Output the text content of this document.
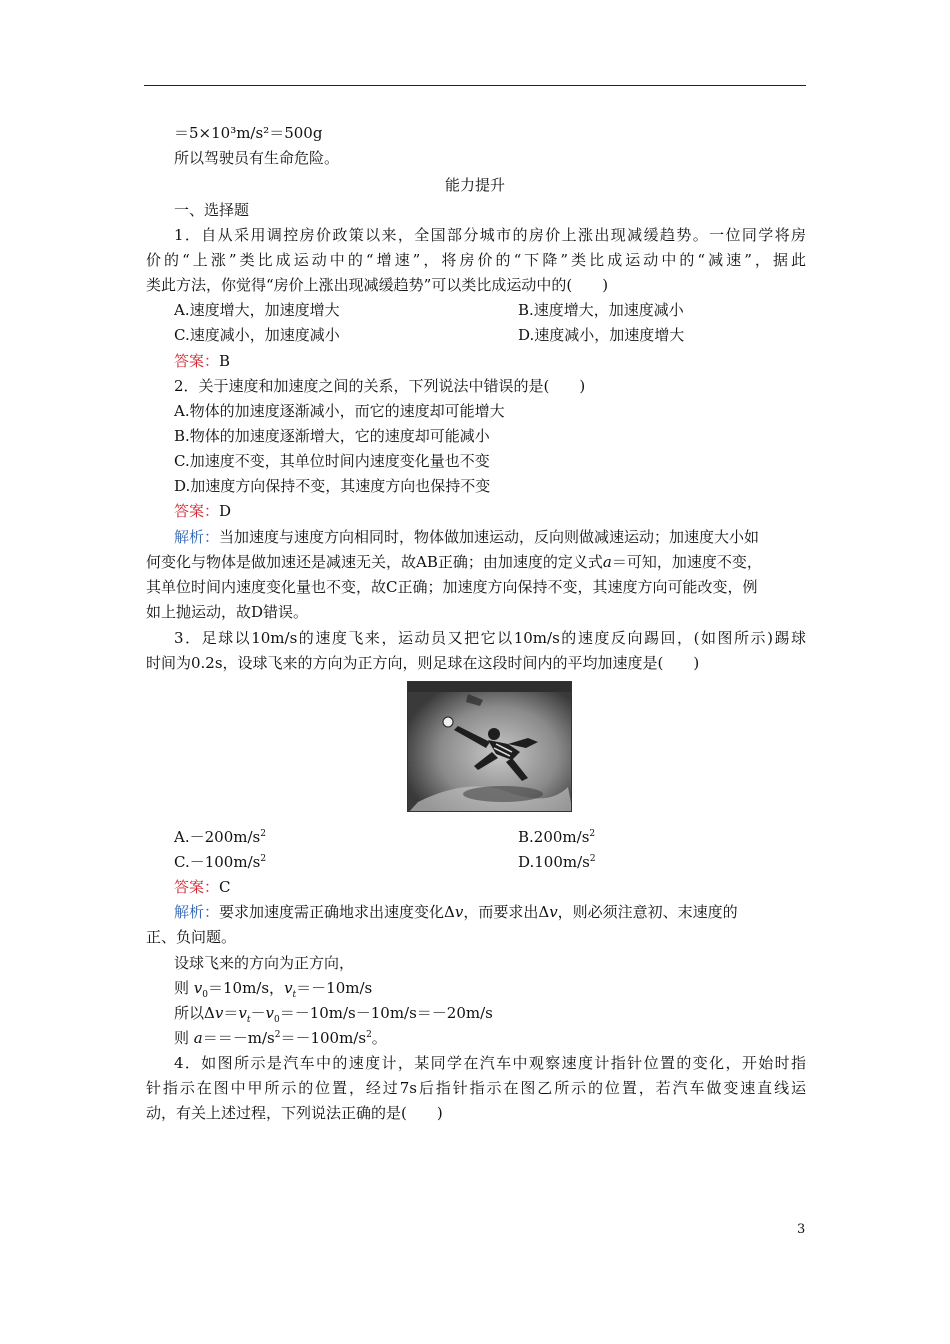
＝5×10³m/s²＝500g
所以驾驶员有生命危险。
能力提升
一、选择题
1．自从采用调控房价政策以来，全国部分城市的房价上涨出现减缓趋势。一位同学将房
价的“上涨”类比成运动中的“增速”，将房价的“下降”类比成运动中的“减速”，据此
类此方法，你觉得“房价上涨出现减缓趋势”可以类比成运动中的(　　)
A.速度增大，加速度增大	B.速度增大，加速度减小
C.速度减小，加速度减小	D.速度减小，加速度增大
答案：B
2．关于速度和加速度之间的关系，下列说法中错误的是(　　)
A.物体的加速度逐渐减小，而它的速度却可能增大
B.物体的加速度逐渐增大，它的速度却可能减小
C.加速度不变，其单位时间内速度变化量也不变
D.加速度方向保持不变，其速度方向也保持不变
答案：D
解析：当加速度与速度方向相同时，物体做加速运动，反向则做减速运动；加速度大小如
何变化与物体是做加速还是减速无关，故AB正确；由加速度的定义式a＝可知，加速度不变，
其单位时间内速度变化量也不变，故C正确；加速度方向保持不变，其速度方向可能改变，例
如上抛运动，故D错误。
3．足球以10m/s的速度飞来，运动员又把它以10m/s的速度反向踢回，(如图所示)踢球
时间为0.2s，设球飞来的方向为正方向，则足球在这段时间内的平均加速度是(　　)
$A.-200m/s^2$	$B.200m/s^2$
$C.-100m/s^2$	$D.100m/s^2$
答案：C
解析：要求加速度需正确地求出速度变化Δv，而要求出Δv，则必须注意初、末速度的
正、负问题。
设球飞来的方向为正方向，
则 $v_0=10m/s$，$v_t=-10m/s$
所以$\Delta v=v_t-v_0=-10m/s-10m/s=-20m/s$
则 $a==-m/s^2=-100m/s^2$。
4．如图所示是汽车中的速度计，某同学在汽车中观察速度计指针位置的变化，开始时指
针指示在图中甲所示的位置，经过7s后指针指示在图乙所示的位置，若汽车做变速直线运
动，有关上述过程，下列说法正确的是(　　)
3
